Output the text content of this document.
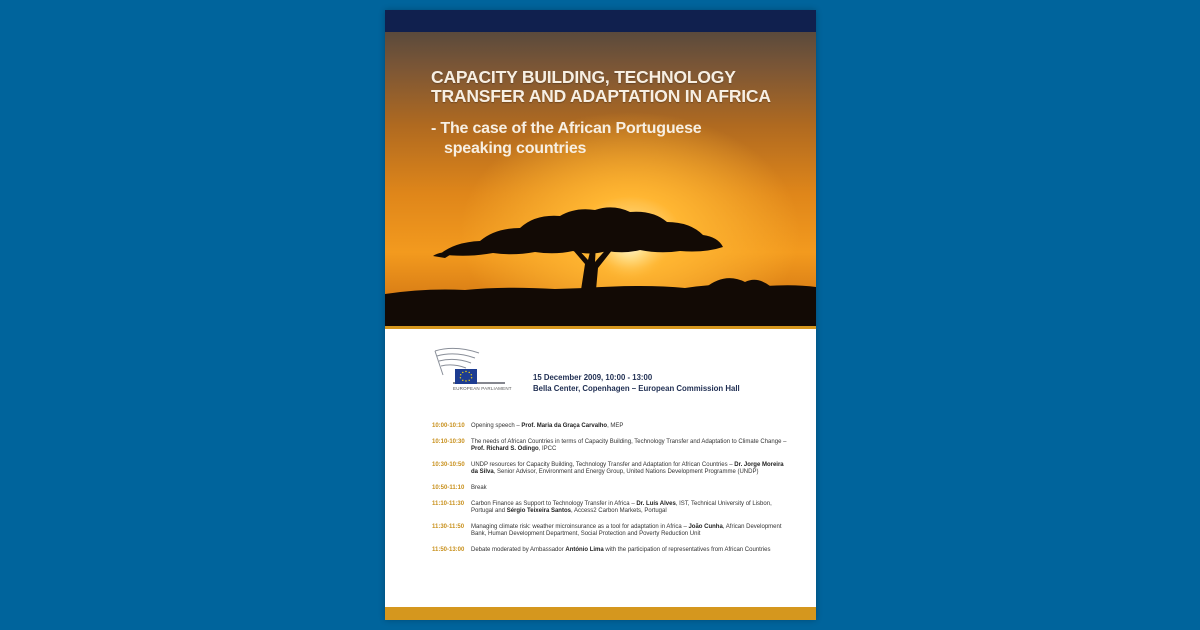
CAPACITY BUILDING, TECHNOLOGY
TRANSFER AND ADAPTATION IN AFRICA
- The case of the African Portuguese
speaking countries
EUROPEAN PARLIAMENT
15 December 2009, 10:00 - 13:00
Bella Center, Copenhagen – European Commission Hall
10:00-10:10	Opening speech – Prof. Maria da Graça Carvalho, MEP
10:10-10:30	The needs of African Countries in terms of Capacity Building, Technology Transfer and Adaptation to Climate Change – Prof. Richard S. Odingo, IPCC
10:30-10:50	UNDP resources for Capacity Building, Technology Transfer and Adaptation for African Countries – Dr. Jorge Moreira da Silva, Senior Advisor, Environment and Energy Group, United Nations Development Programme (UNDP)
10:50-11:10	Break
11:10-11:30	Carbon Finance as Support to Technology Transfer in Africa – Dr. Luís Alves, IST, Technical University of Lisbon, Portugal and Sérgio Teixeira Santos, Access2 Carbon Markets, Portugal
11:30-11:50	Managing climate risk: weather microinsurance as a tool for adaptation in Africa – João Cunha, African Development Bank, Human Development Department, Social Protection and Poverty Reduction Unit
11:50-13:00	Debate moderated by Ambassador António Lima with the participation of representatives from African Countries
